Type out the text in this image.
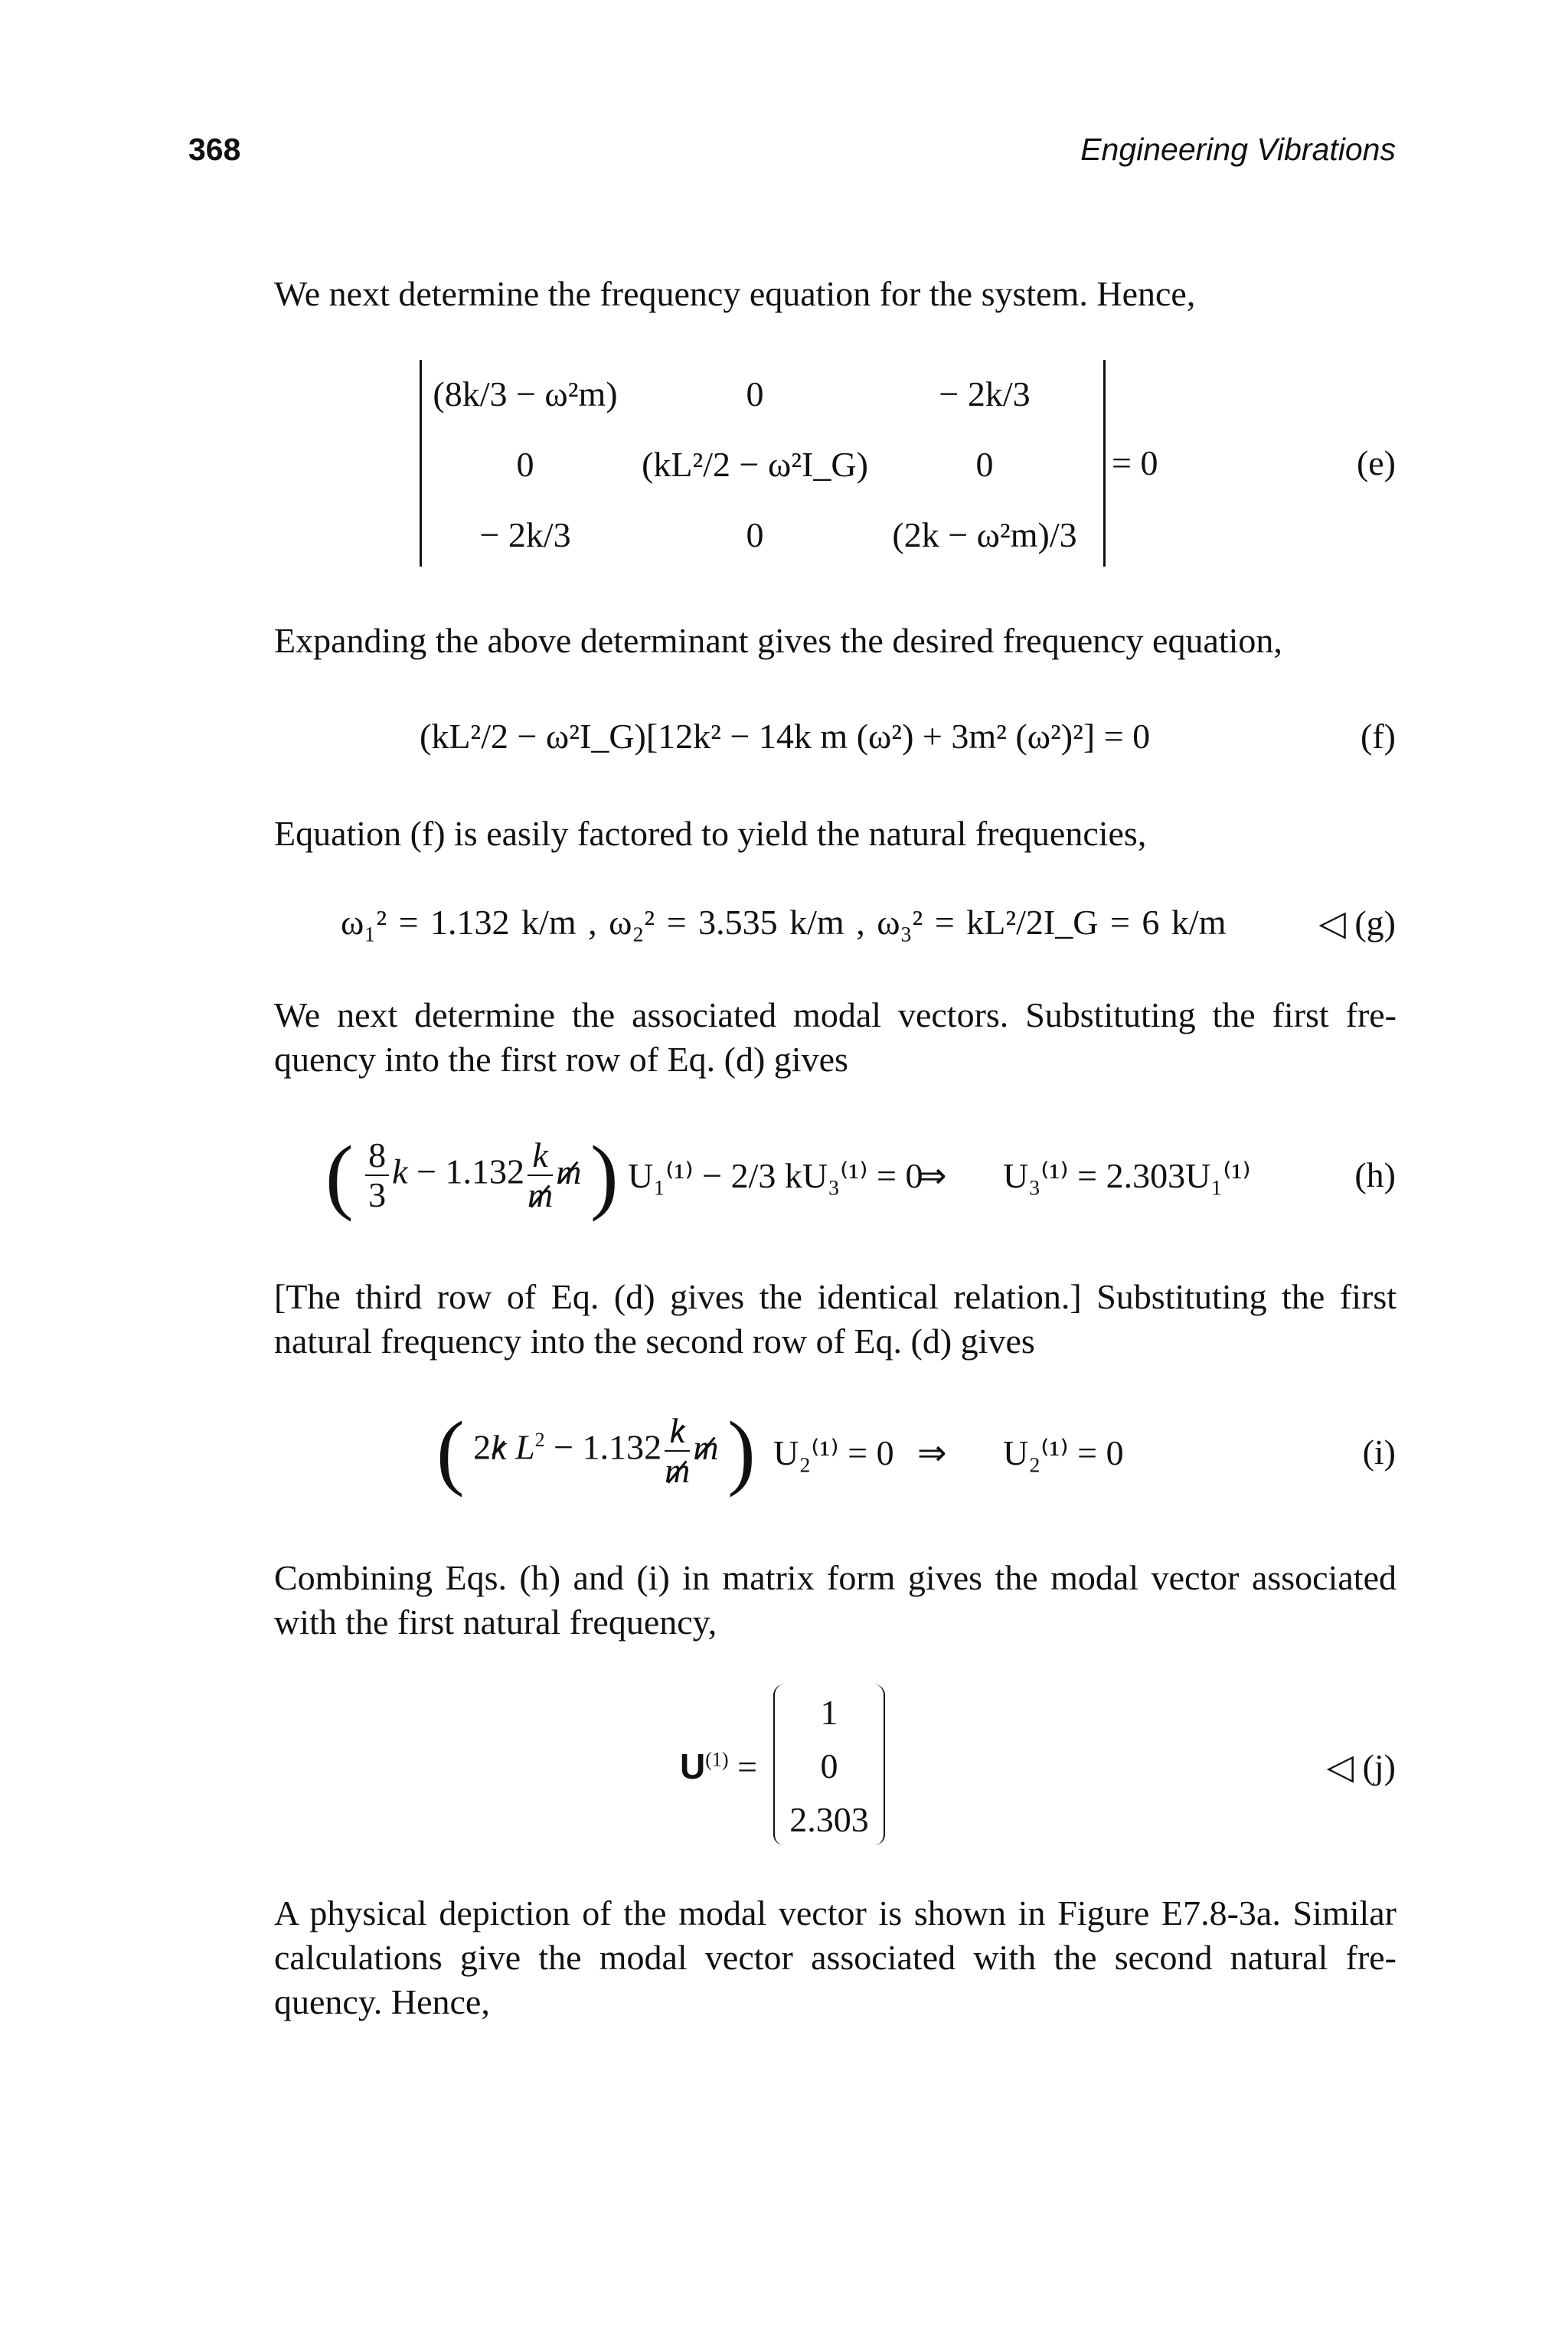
368	Engineering Vibrations
We next determine the frequency equation for the system. Hence,
(8k/3 − ω²m)	0	− 2k/3
0	(kL²/2 − ω²I_G)	0
− 2k/3	0	(2k − ω²m)/3
= 0	(e)
Expanding the above determinant gives the desired frequency equation,
(kL²/2 − ω²I_G)[12k² − 14k m (ω²) + 3m² (ω²)²] = 0	(f)
Equation (f) is easily factored to yield the natural frequencies,
ω₁² = 1.132 k/m , ω₂² = 3.535 k/m , ω₃² = kL²/2I_G = 6 k/m	◁ (g)
We next determine the associated modal vectors. Substituting the first fre-
quency into the first row of Eq. (d) gives
( $\frac{8}{3}$ $k - 1.132 \frac{k}{m}$ m ) U₁⁽¹⁾ − 2/3 kU₃⁽¹⁾ = 0
⇒ U₃⁽¹⁾ = 2.303U₁⁽¹⁾	(h)
[The third row of Eq. (d) gives the identical relation.] Substituting the first
natural frequency into the second row of Eq. (d) gives
( 2k $L^2 - 1.132 \frac{k}{m}$ m ) U₂⁽¹⁾ = 0 ⇒ U₂⁽¹⁾ = 0	(i)
Combining Eqs. (h) and (i) in matrix form gives the modal vector associated
with the first natural frequency,
$U^{(1)}$ =
1
0
2.303
◁ (j)
A physical depiction of the modal vector is shown in Figure E7.8-3a. Similar
calculations give the modal vector associated with the second natural fre-
quency. Hence,
